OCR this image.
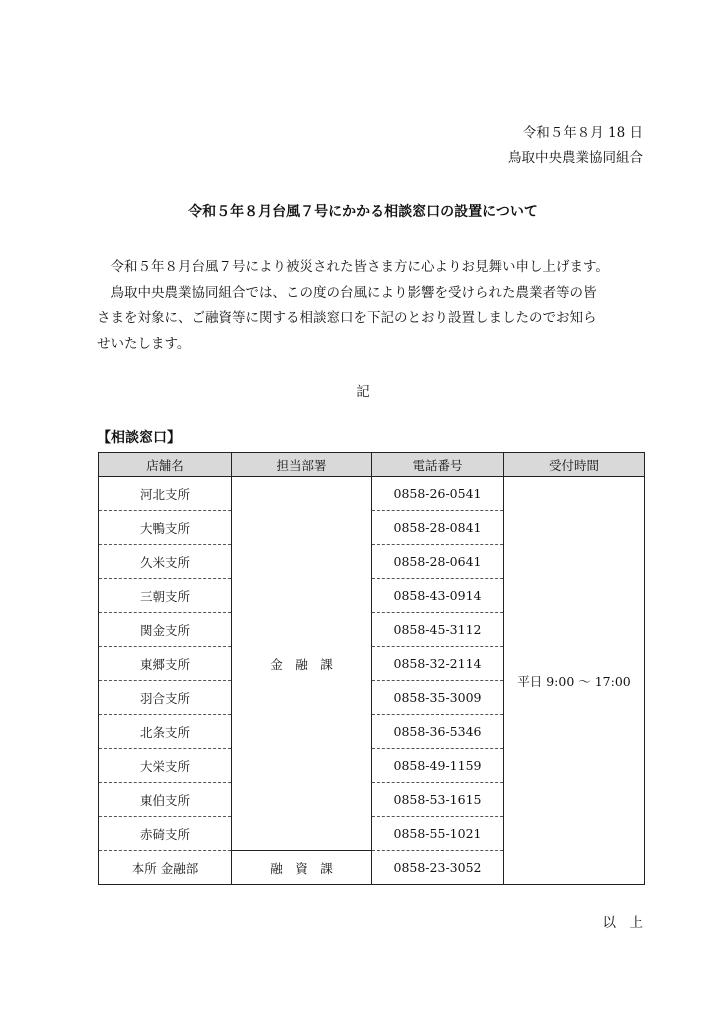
令和５年８月 18 日
鳥取中央農業協同組合
令和５年８月台風７号にかかる相談窓口の設置について

令和５年８月台風７号により被災された皆さま方に心よりお見舞い申し上げます。

鳥取中央農業協同組合では、この度の台風により影響を受けられた農業者等の皆

さまを対象に、ご融資等に関する相談窓口を下記のとおり設置しましたのでお知ら

せいたします。

記
【相談窓口】
店舗名	担当部署	電話番号	受付時間
河北支所	金　融　課	0858-26-0541	平日 9:00 ～ 17:00
大鴨支所		0858-28-0841	
久米支所		0858-28-0641	
三朝支所		0858-43-0914	
関金支所		0858-45-3112	
東郷支所		0858-32-2114	
羽合支所		0858-35-3009	
北条支所		0858-36-5346	
大栄支所		0858-49-1159	
東伯支所		0858-53-1615	
赤碕支所		0858-55-1021	
本所 金融部	融　資　課	0858-23-3052	
以　上
